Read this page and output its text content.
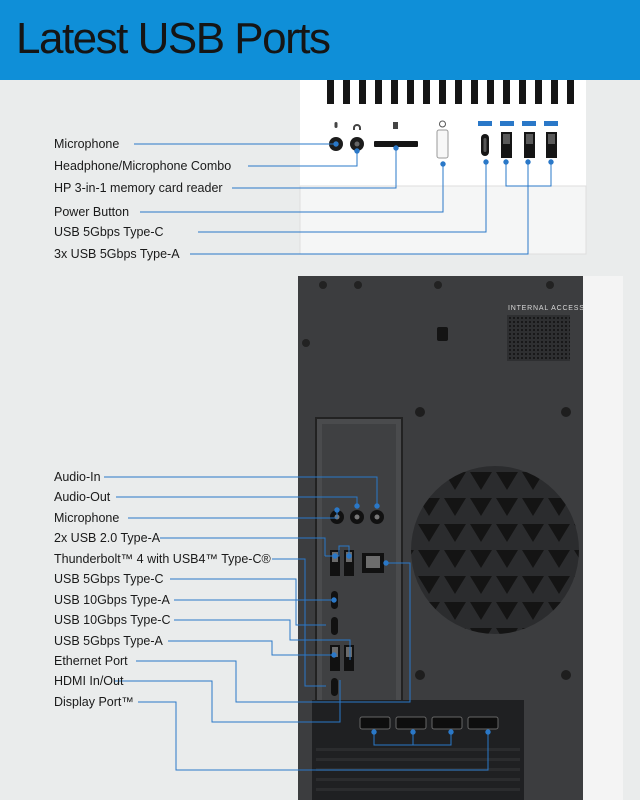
Latest USB Ports
INTERNAL ACCESS
Microphone
Headphone/Microphone Combo
HP 3-in-1 memory card reader
Power Button
USB 5Gbps Type-C
3x USB 5Gbps Type-A
Audio-In
Audio-Out
Microphone
2x USB 2.0 Type-A
Thunderbolt™ 4 with USB4™ Type-C®
USB 5Gbps Type-C
USB 10Gbps Type-A
USB 10Gbps Type-C
USB 5Gbps Type-A
Ethernet Port
HDMI In/Out
Display Port™
